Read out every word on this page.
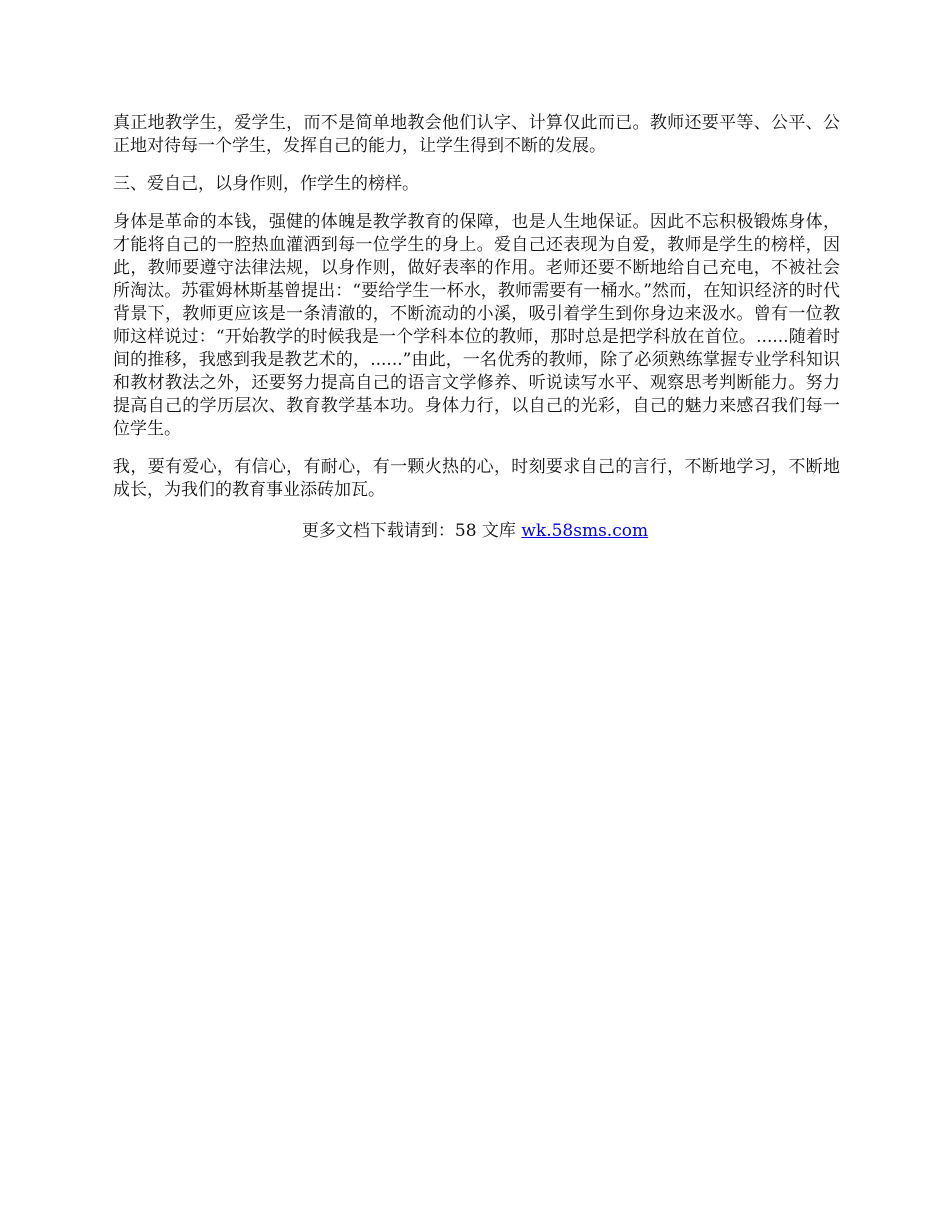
真正地教学生，爱学生，而不是简单地教会他们认字、计算仅此而已。教师还要平等、公平、公正地对待每一个学生，发挥自己的能力，让学生得到不断的发展。

三、爱自己，以身作则，作学生的榜样。

身体是革命的本钱，强健的体魄是教学教育的保障，也是人生地保证。因此不忘积极锻炼身体，才能将自己的一腔热血灌洒到每一位学生的身上。爱自己还表现为自爱，教师是学生的榜样，因此，教师要遵守法律法规，以身作则，做好表率的作用。老师还要不断地给自己充电，不被社会所淘汰。苏霍姆林斯基曾提出：“要给学生一杯水，教师需要有一桶水。”然而，在知识经济的时代背景下，教师更应该是一条清澈的，不断流动的小溪，吸引着学生到你身边来汲水。曾有一位教师这样说过：“开始教学的时候我是一个学科本位的教师，那时总是把学科放在首位。......随着时间的推移，我感到我是教艺术的，......”由此，一名优秀的教师，除了必须熟练掌握专业学科知识和教材教法之外，还要努力提高自己的语言文学修养、听说读写水平、观察思考判断能力。努力提高自己的学历层次、教育教学基本功。身体力行，以自己的光彩，自己的魅力来感召我们每一位学生。

我，要有爱心，有信心，有耐心，有一颗火热的心，时刻要求自己的言行，不断地学习，不断地成长，为我们的教育事业添砖加瓦。

更多文档下载请到：58 文库 wk.58sms.com
